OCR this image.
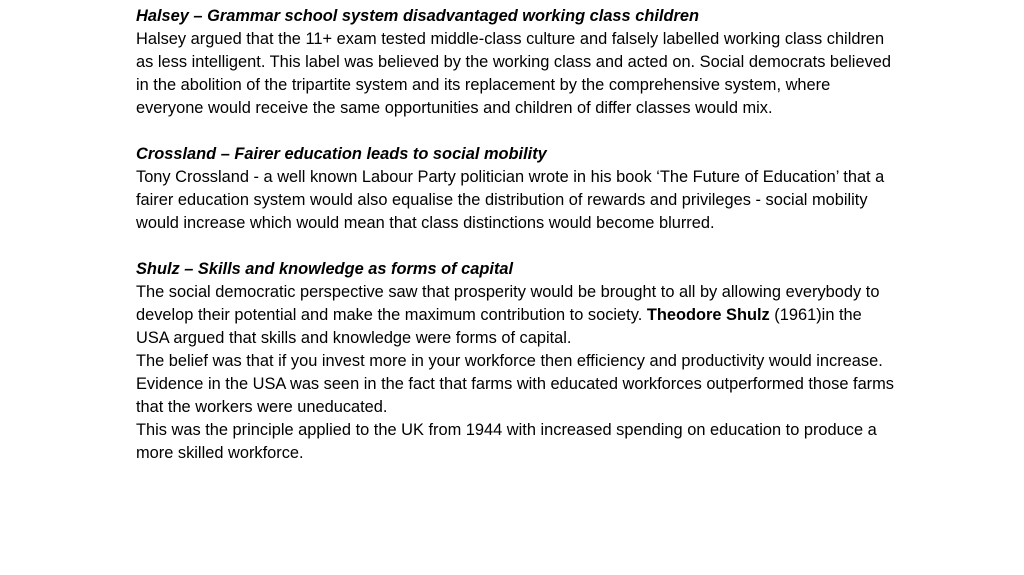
Halsey – Grammar school system disadvantaged working class children

Halsey argued that the 11+ exam tested middle-class culture and falsely labelled working class children as less intelligent. This label was believed by the working class and acted on. Social democrats believed in the abolition of the tripartite system and its replacement by the comprehensive system, where everyone would receive the same opportunities and children of differ classes would mix.

Crossland – Fairer education leads to social mobility

Tony Crossland - a well known Labour Party politician wrote in his book ‘The Future of Education’ that a fairer education system would also equalise the distribution of rewards and privileges - social mobility would increase which would mean that class distinctions would become blurred.

Shulz – Skills and knowledge as forms of capital

The social democratic perspective saw that prosperity would be brought to all by allowing everybody to develop their potential and make the maximum contribution to society. Theodore Shulz (1961)in the USA argued that skills and knowledge were forms of capital.

The belief was that if you invest more in your workforce then efficiency and productivity would increase. Evidence in the USA was seen in the fact that farms with educated workforces outperformed those farms that the workers were uneducated.

This was the principle applied to the UK from 1944 with increased spending on education to produce a more skilled workforce.
